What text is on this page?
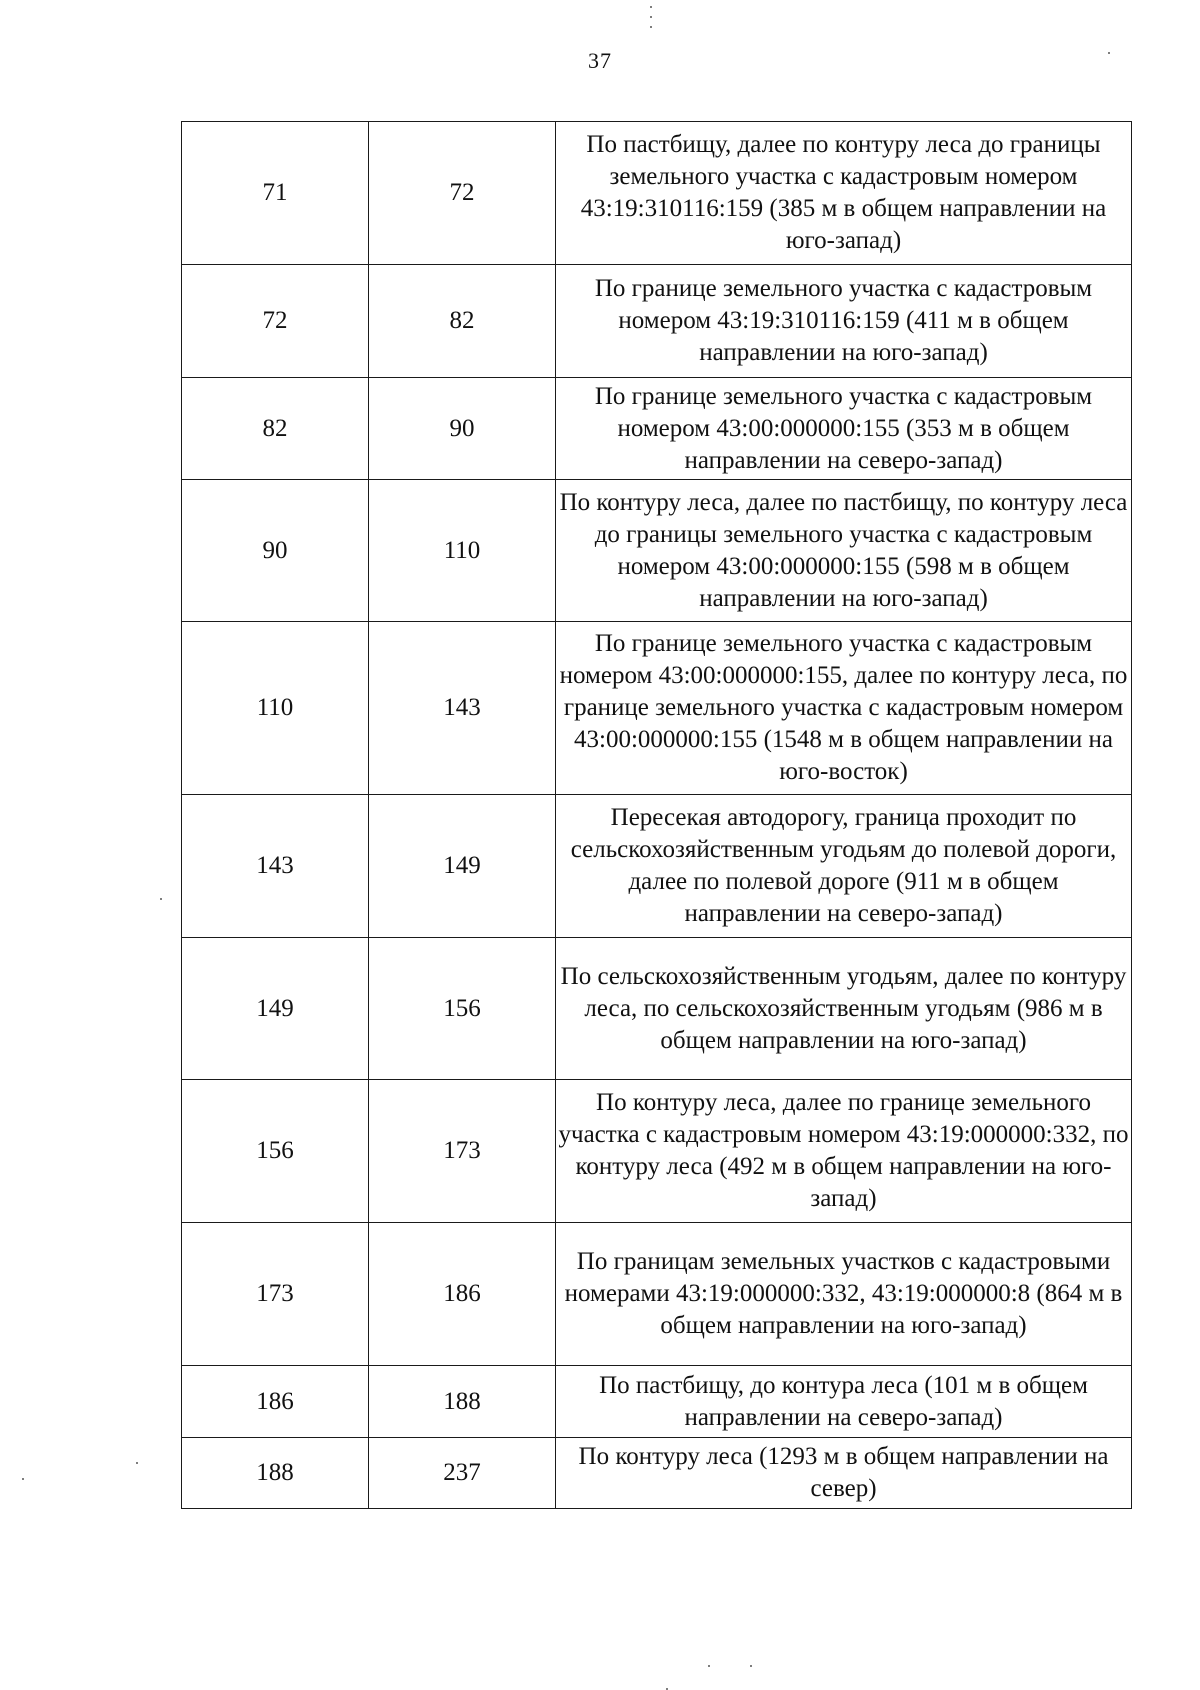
37
71	72	По пастбищу, далее по контуру леса до границы земельного участка с кадастровым номером 43:19:310116:159 (385 м в общем направлении на юго-запад)
72	82	По границе земельного участка с кадастровым номером 43:19:310116:159 (411 м в общем направлении на юго-запад)
82	90	По границе земельного участка с кадастровым номером 43:00:000000:155 (353 м в общем направлении на северо-запад)
90	110	По контуру леса, далее по пастбищу, по контуру леса до границы земельного участка с кадастровым номером 43:00:000000:155 (598 м в общем направлении на юго-запад)
110	143	По границе земельного участка с кадастровым номером 43:00:000000:155, далее по контуру леса, по границе земельного участка с кадастровым номером 43:00:000000:155 (1548 м в общем направлении на юго-восток)
143	149	Пересекая автодорогу, граница проходит по сельскохозяйственным угодьям до полевой дороги, далее по полевой дороге (911 м в общем направлении на северо-запад)
149	156	По сельскохозяйственным угодьям, далее по контуру леса, по сельскохозяйственным угодьям (986 м в общем направлении на юго-запад)
156	173	По контуру леса, далее по границе земельного участка с кадастровым номером 43:19:000000:332, по контуру леса (492 м в общем направлении на юго-запад)
173	186	По границам земельных участков с кадастровыми номерами 43:19:000000:332, 43:19:000000:8 (864 м в общем направлении на юго-запад)
186	188	По пастбищу, до контура леса (101 м в общем направлении на северо-запад)
188	237	По контуру леса (1293 м в общем направлении на север)
